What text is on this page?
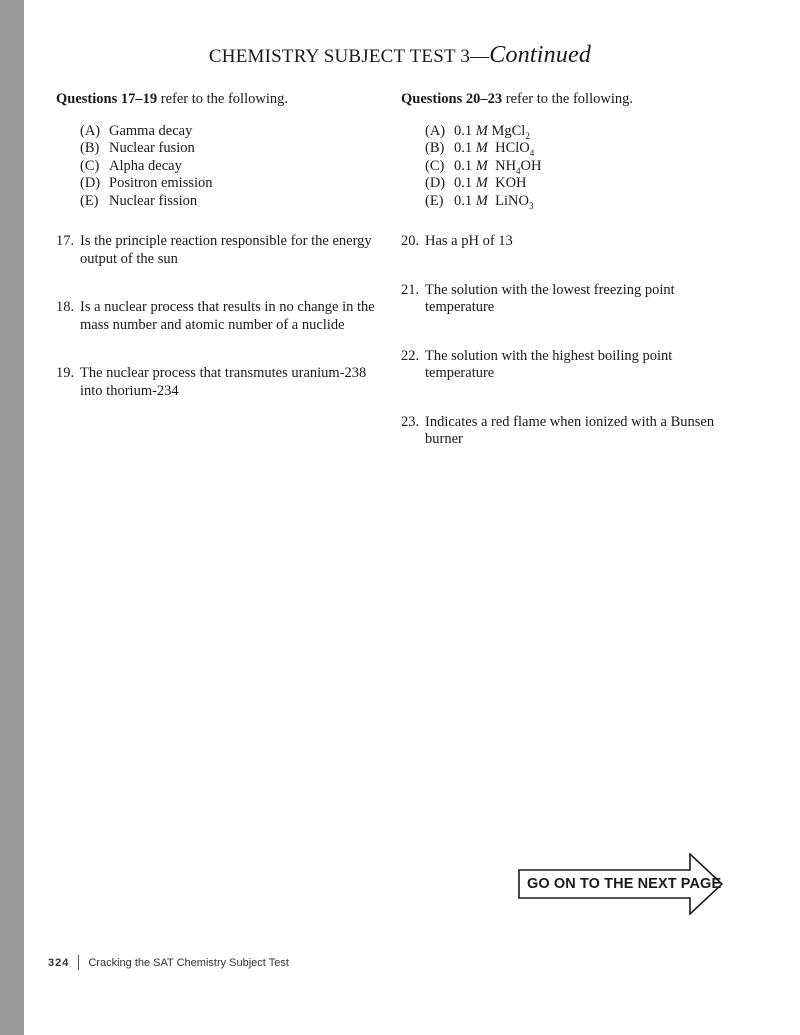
CHEMISTRY SUBJECT TEST 3—Continued
Questions 17–19 refer to the following.
(A) Gamma decay
(B) Nuclear fusion
(C) Alpha decay
(D) Positron emission
(E) Nuclear fission
17. Is the principle reaction responsible for the energy output of the sun
18. Is a nuclear process that results in no change in the mass number and atomic number of a nuclide
19. The nuclear process that transmutes uranium-238 into thorium-234
Questions 20–23 refer to the following.
(A) 0.1 M MgCl 2
(B) 0.1 M HClO 4
(C) 0.1 M NH 4 OH
(D) 0.1 M KOH
(E) 0.1 M LiNO 3
20. Has a pH of 13
21. The solution with the lowest freezing point temperature
22. The solution with the highest boiling point temperature
23. Indicates a red flame when ionized with a Bunsen burner
GO ON TO THE NEXT PAGE
324 Cracking the SAT Chemistry Subject Test
